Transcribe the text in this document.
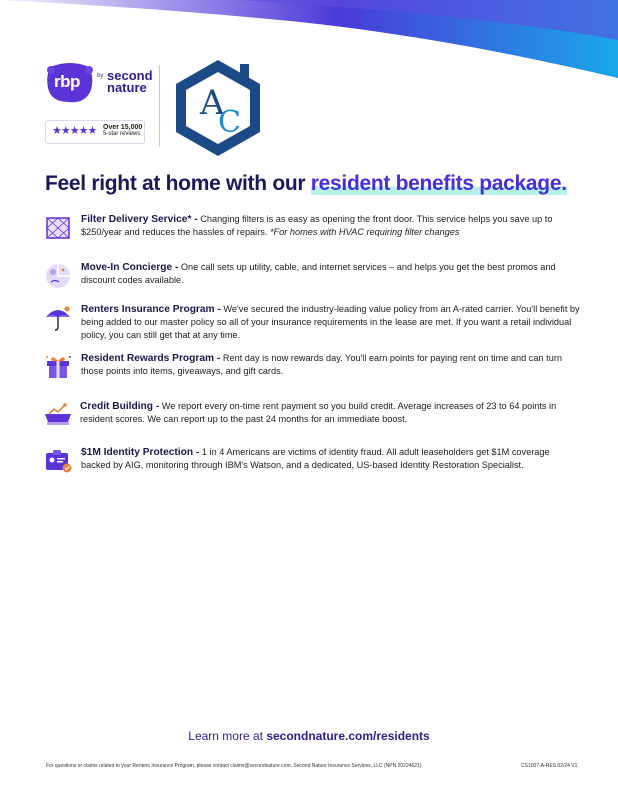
rbp	by second nature
★★★★★ Over 15,000
5-star reviews
A
C
Feel right at home with our resident benefits package.
Filter Delivery Service* - Changing filters is as easy as opening the front door. This service helps you save up to $250/year and reduces the hassles of repairs. *For homes with HVAC requiring filter changes
Move-In Concierge - One call sets up utility, cable, and internet services – and helps you get the best promos and discount codes available.
Renters Insurance Program - We've secured the industry-leading value policy from an A-rated carrier. You'll benefit by being added to our master policy so all of your insurance requirements in the lease are met. If you want a retail individual policy, you can still get that at any time.
Resident Rewards Program - Rent day is now rewards day. You'll earn points for paying rent on time and can turn those points into items, giveaways, and gift cards.
Credit Building - We report every on-time rent payment so you build credit. Average increases of 23 to 64 points in resident scores. We can report up to the past 24 months for an immediate boost.
$1M Identity Protection - 1 in 4 Americans are victims of identity fraud. All adult leaseholders get $1M coverage backed by AIG, monitoring through IBM's Watson, and a dedicated, US-based Identity Restoration Specialist.
Learn more at secondnature.com/residents
For questions or claims related to your Renters Insurance Program, please contact claims@secondnature.com. Second Nature Insurance Services, LLC (NPN 20224621)	CS1007-A-RES 02/24 V1
